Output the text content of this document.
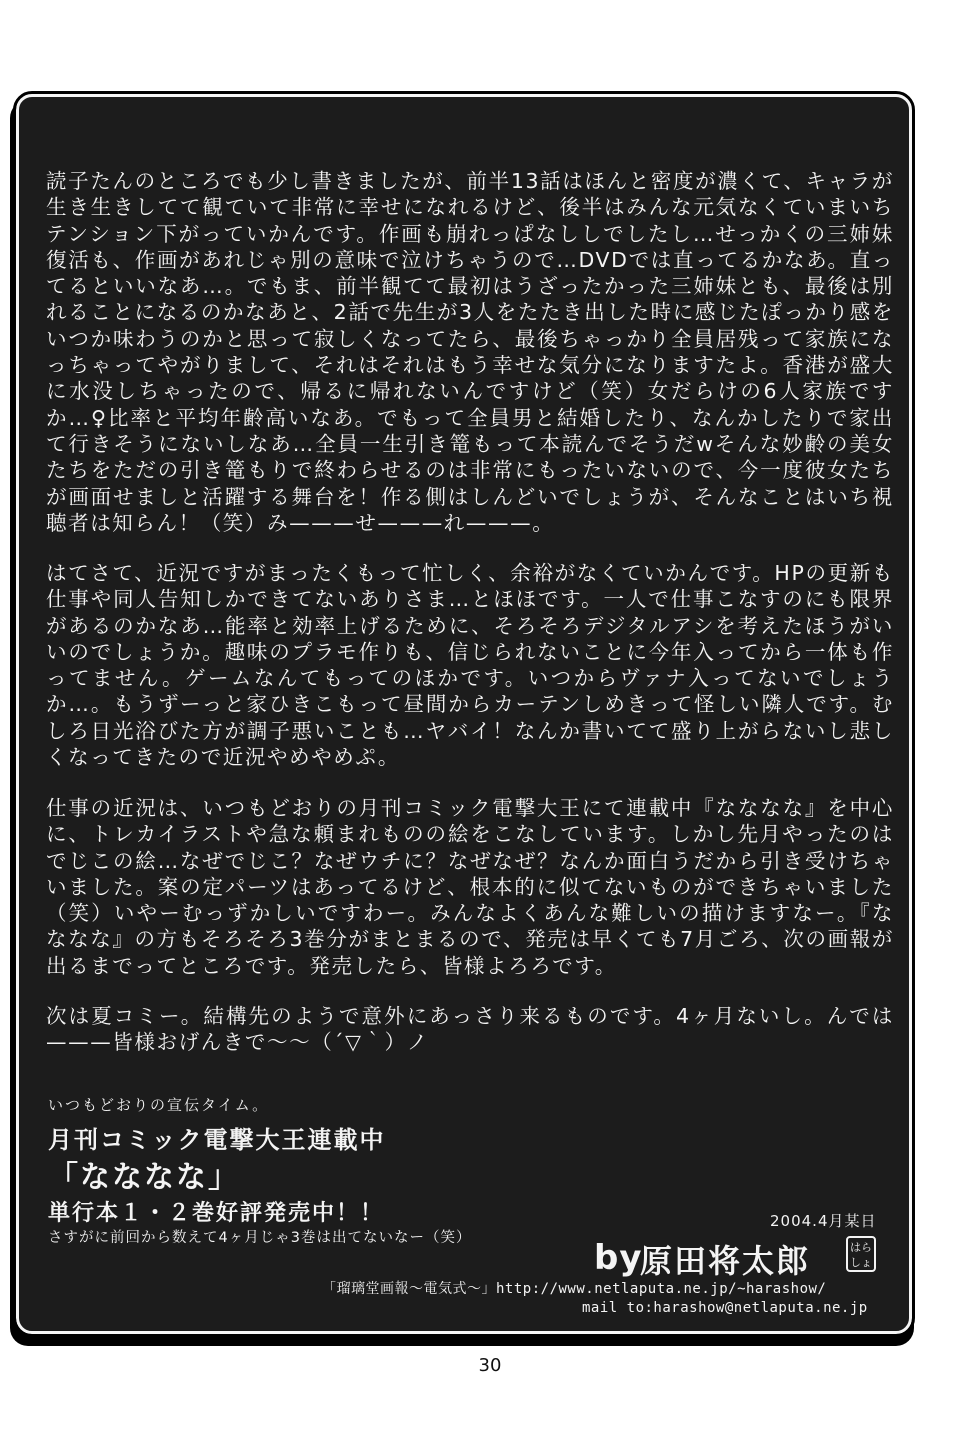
読子たんのところでも少し書きましたが、前半13話はほんと密度が濃くて、キャラが生き生きしてて観ていて非常に幸せになれるけど、後半はみんな元気なくていまいちテンション下がっていかんです。作画も崩れっぱなししでしたし…せっかくの三姉妹復活も、作画があれじゃ別の意味で泣けちゃうので…DVDでは直ってるかなあ。直ってるといいなあ…。でもま、前半観てて最初はうざったかった三姉妹とも、最後は別れることになるのかなあと、2話で先生が3人をたたき出した時に感じたぽっかり感をいつか味わうのかと思って寂しくなってたら、最後ちゃっかり全員居残って家族になっちゃってやがりまして、それはそれはもう幸せな気分になりますたよ。香港が盛大に水没しちゃったので、帰るに帰れないんですけど（笑）女だらけの6人家族ですか…♀比率と平均年齢高いなあ。でもって全員男と結婚したり、なんかしたりで家出て行きそうにないしなあ…全員一生引き篭もって本読んでそうだwそんな妙齢の美女たちをただの引き篭もりで終わらせるのは非常にもったいないので、今一度彼女たちが画面せましと活躍する舞台を！作る側はしんどいでしょうが、そんなことはいち視聴者は知らん！（笑）み———せ———れ———。

はてさて、近況ですがまったくもって忙しく、余裕がなくていかんです。HPの更新も仕事や同人告知しかできてないありさま…とほほです。一人で仕事こなすのにも限界があるのかなあ…能率と効率上げるために、そろそろデジタルアシを考えたほうがいいのでしょうか。趣味のプラモ作りも、信じられないことに今年入ってから一体も作ってません。ゲームなんてもってのほかです。いつからヴァナ入ってないでしょうか…。もうずーっと家ひきこもって昼間からカーテンしめきって怪しい隣人です。むしろ日光浴びた方が調子悪いことも…ヤバイ！なんか書いてて盛り上がらないし悲しくなってきたので近況やめやめぷ。

仕事の近況は、いつもどおりの月刊コミック電撃大王にて連載中『なななな』を中心に、トレカイラストや急な頼まれものの絵をこなしています。しかし先月やったのはでじこの絵…なぜでじこ？なぜウチに？なぜなぜ？なんか面白うだから引き受けちゃいました。案の定パーツはあってるけど、根本的に似てないものができちゃいました（笑）いやーむっずかしいですわー。みんなよくあんな難しいの描けますなー。『なななな』の方もそろそろ3巻分がまとまるので、発売は早くても7月ごろ、次の画報が出るまでってところです。発売したら、皆様よろろです。

次は夏コミー。結構先のようで意外にあっさり来るものです。4ヶ月ないし。んでは———皆様おげんきで～～（´▽｀）ノ

いつもどおりの宣伝タイム。
月刊コミック電撃大王連載中
「なななな」
単行本１・２巻好評発売中！！
さすがに前回から数えて4ヶ月じゃ3巻は出てないなー（笑）
2004.4月某日
by
原田将太郎	はらしょ
「瑠璃堂画報～電気式～」http://www.netlaputa.ne.jp/~harashow/
mail to:harashow@netlaputa.ne.jp
30
